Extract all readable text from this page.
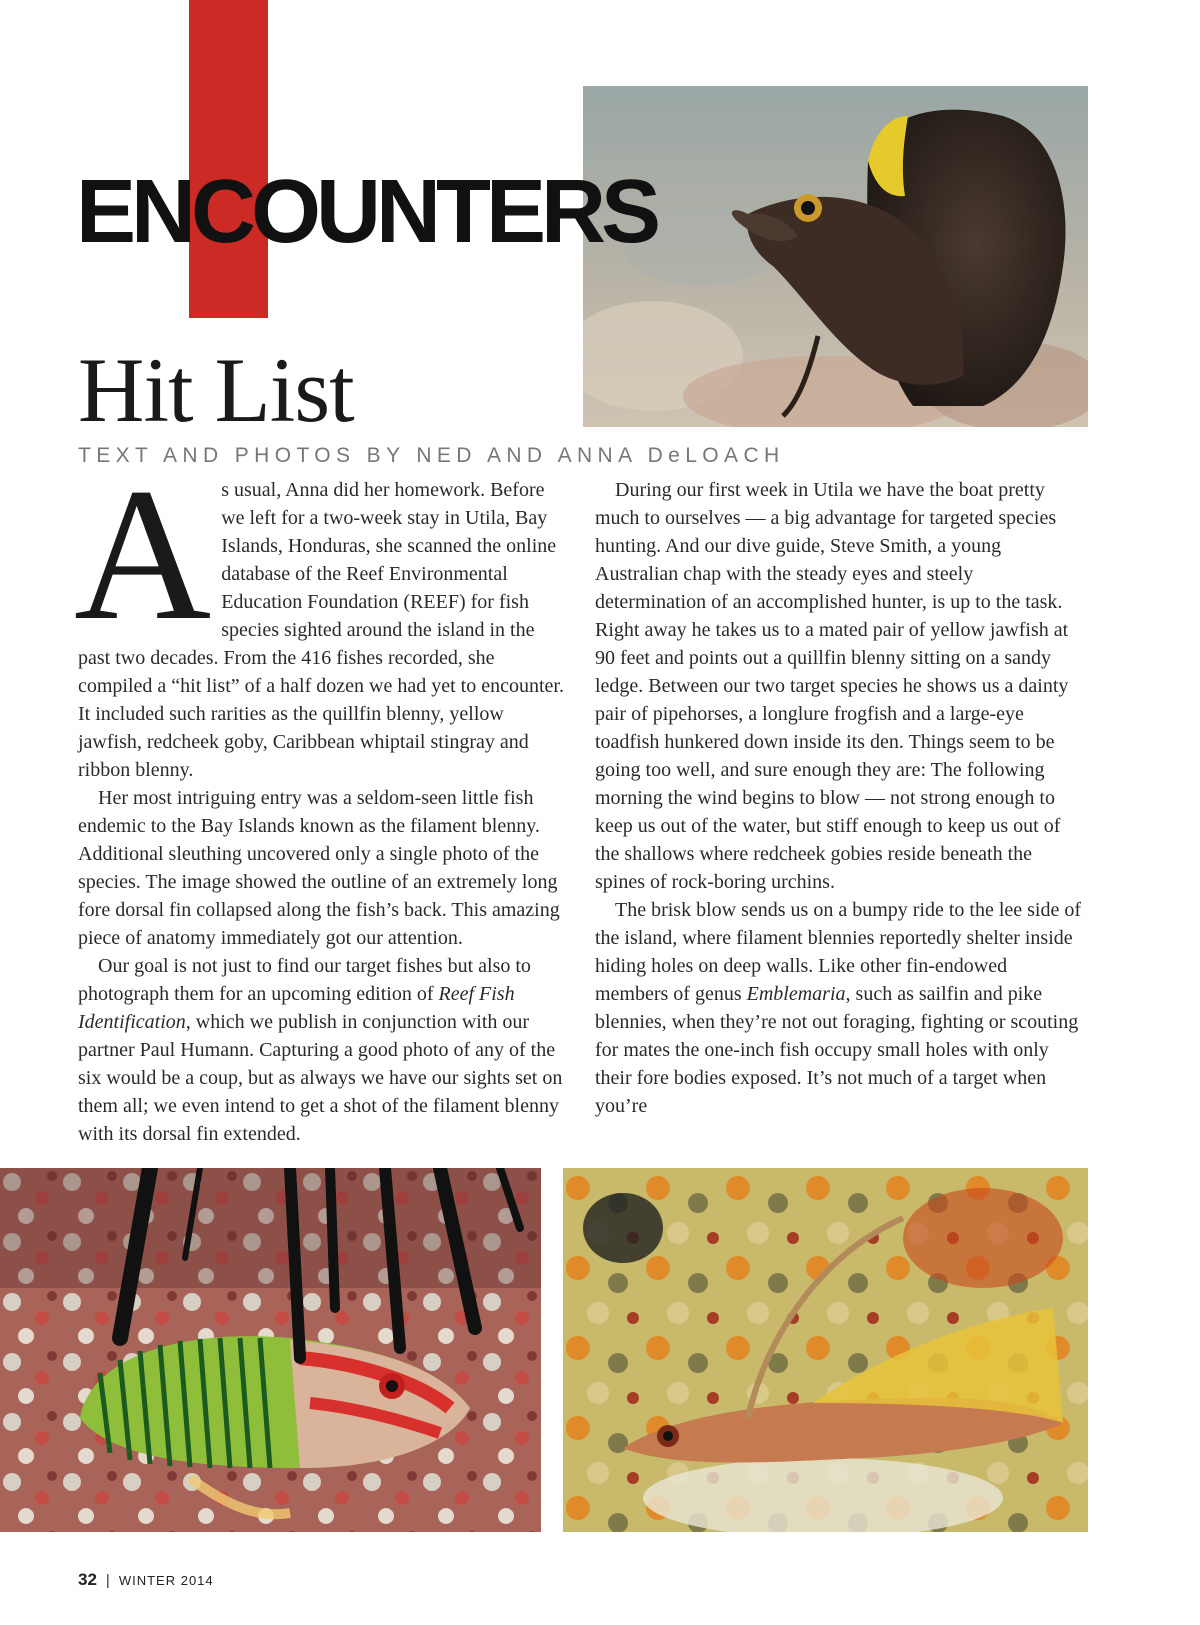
ENCOUNTERS
Hit List

TEXT AND PHOTOS BY NED AND ANNA DeLOACH

A s usual, Anna did her homework. Before we left for a two-week stay in Utila, Bay Islands, Honduras, she scanned the online database of the Reef Environmental Education Foundation (REEF) for fish species sighted around the island in the past two decades. From the 416 fishes recorded, she compiled a “hit list” of a half dozen we had yet to encounter. It included such rarities as the quillfin blenny, yellow jawfish, redcheek goby, Caribbean whiptail stingray and ribbon blenny.

Her most intriguing entry was a seldom-seen little fish endemic to the Bay Islands known as the filament blenny. Additional sleuthing uncovered only a single photo of the species. The image showed the outline of an extremely long fore dorsal fin collapsed along the fish’s back. This amazing piece of anatomy immediately got our attention.

Our goal is not just to find our target fishes but also to photograph them for an upcoming edition of Reef Fish Identification, which we publish in conjunction with our partner Paul Humann. Capturing a good photo of any of the six would be a coup, but as always we have our sights set on them all; we even intend to get a shot of the filament blenny with its dorsal fin extended.

During our first week in Utila we have the boat pretty much to ourselves — a big advantage for targeted species hunting. And our dive guide, Steve Smith, a young Australian chap with the steady eyes and steely determination of an accomplished hunter, is up to the task. Right away he takes us to a mated pair of yellow jawfish at 90 feet and points out a quillfin blenny sitting on a sandy ledge. Between our two target species he shows us a dainty pair of pipehorses, a longlure frogfish and a large-eye toadfish hunkered down inside its den. Things seem to be going too well, and sure enough they are: The following morning the wind begins to blow — not strong enough to keep us out of the water, but stiff enough to keep us out of the shallows where redcheek gobies reside beneath the spines of rock-boring urchins.

The brisk blow sends us on a bumpy ride to the lee side of the island, where filament blennies reportedly shelter inside hiding holes on deep walls. Like other fin-endowed members of genus Emblemaria, such as sailfin and pike blennies, when they’re not out foraging, fighting or scouting for mates the one-inch fish occupy small holes with only their fore bodies exposed. It’s not much of a target when you’re

32 | WINTER 2014
